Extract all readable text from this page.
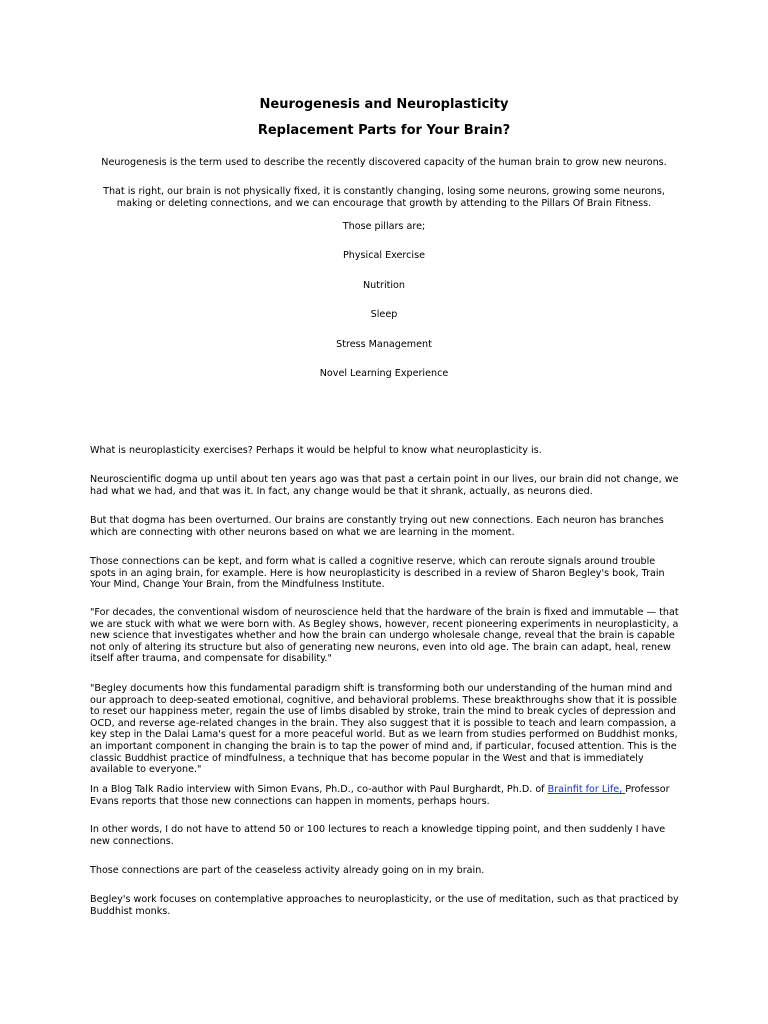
Neurogenesis and Neuroplasticity
Replacement Parts for Your Brain?

Neurogenesis is the term used to describe the recently discovered capacity of the human brain to grow new neurons.

That is right, our brain is not physically fixed, it is constantly changing, losing some neurons, growing some neurons,
making or deleting connections, and we can encourage that growth by attending to the Pillars Of Brain Fitness.

Those pillars are;

Physical Exercise

Nutrition

Sleep

Stress Management

Novel Learning Experience

What is neuroplasticity exercises? Perhaps it would be helpful to know what neuroplasticity is.

Neuroscientific dogma up until about ten years ago was that past a certain point in our lives, our brain did not change, we had what we had, and that was it. In fact, any change would be that it shrank, actually, as neurons died.

But that dogma has been overturned. Our brains are constantly trying out new connections. Each neuron has branches which are connecting with other neurons based on what we are learning in the moment.

Those connections can be kept, and form what is called a cognitive reserve, which can reroute signals around trouble spots in an aging brain, for example. Here is how neuroplasticity is described in a review of Sharon Begley's book, Train Your Mind, Change Your Brain, from the Mindfulness Institute.

"For decades, the conventional wisdom of neuroscience held that the hardware of the brain is fixed and immutable — that we are stuck with what we were born with. As Begley shows, however, recent pioneering experiments in neuroplasticity, a new science that investigates whether and how the brain can undergo wholesale change, reveal that the brain is capable not only of altering its structure but also of generating new neurons, even into old age. The brain can adapt, heal, renew itself after trauma, and compensate for disability."

"Begley documents how this fundamental paradigm shift is transforming both our understanding of the human mind and our approach to deep-seated emotional, cognitive, and behavioral problems. These breakthroughs show that it is possible to reset our happiness meter, regain the use of limbs disabled by stroke, train the mind to break cycles of depression and OCD, and reverse age-related changes in the brain. They also suggest that it is possible to teach and learn compassion, a key step in the Dalai Lama's quest for a more peaceful world. But as we learn from studies performed on Buddhist monks, an important component in changing the brain is to tap the power of mind and, if particular, focused attention. This is the classic Buddhist practice of mindfulness, a technique that has become popular in the West and that is immediately available to everyone."

In a Blog Talk Radio interview with Simon Evans, Ph.D., co-author with Paul Burghardt, Ph.D. of Brainfit for Life, Professor Evans reports that those new connections can happen in moments, perhaps hours.

In other words, I do not have to attend 50 or 100 lectures to reach a knowledge tipping point, and then suddenly I have new connections.

Those connections are part of the ceaseless activity already going on in my brain.

Begley's work focuses on contemplative approaches to neuroplasticity, or the use of meditation, such as that practiced by Buddhist monks.
